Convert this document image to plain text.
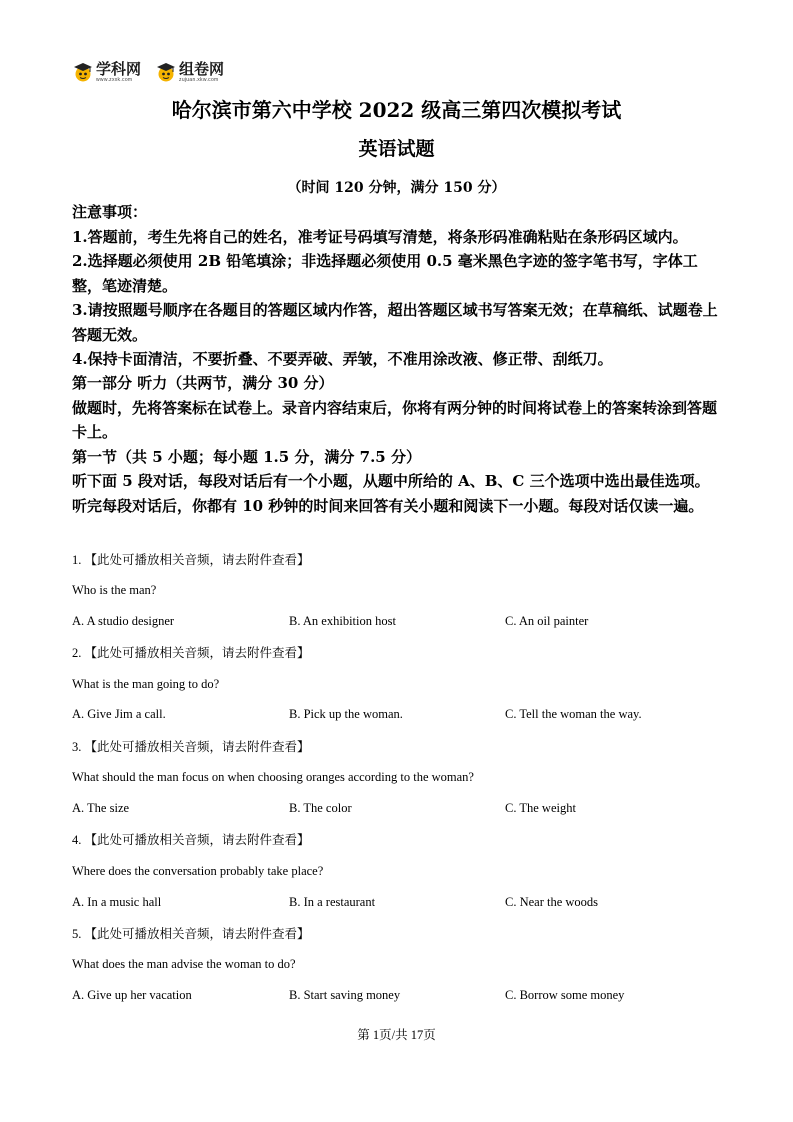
学科网
www.zxxk.com
组卷网
zujuan.xkw.com
哈尔滨市第六中学校 2022 级高三第四次模拟考试
英语试题
（时间 120 分钟，满分 150 分）
注意事项：
1.答题前，考生先将自己的姓名，准考证号码填写清楚，将条形码准确粘贴在条形码区域内。
2.选择题必须使用 2B 铅笔填涂；非选择题必须使用 0.5 毫米黑色字迹的签字笔书写，字体工整，笔迹清楚。
3.请按照题号顺序在各题目的答题区域内作答，超出答题区域书写答案无效；在草稿纸、试题卷上答题无效。
4.保持卡面清洁，不要折叠、不要弄破、弄皱，不准用涂改液、修正带、刮纸刀。
第一部分 听力（共两节，满分 30 分）
做题时，先将答案标在试卷上。录音内容结束后，你将有两分钟的时间将试卷上的答案转涂到答题卡上。
第一节（共 5 小题；每小题 1.5 分，满分 7.5 分）
听下面 5 段对话，每段对话后有一个小题，从题中所给的 A、B、C 三个选项中选出最佳选项。听完每段对话后，你都有 10 秒钟的时间来回答有关小题和阅读下一小题。每段对话仅读一遍。
1. 【此处可播放相关音频，请去附件查看】
Who is the man?
A. A studio designer	B. An exhibition host	C. An oil painter
2. 【此处可播放相关音频，请去附件查看】
What is the man going to do?
A. Give Jim a call.	B. Pick up the woman.	C. Tell the woman the way.
3. 【此处可播放相关音频，请去附件查看】
What should the man focus on when choosing oranges according to the woman?
A. The size	B. The color	C. The weight
4. 【此处可播放相关音频，请去附件查看】
Where does the conversation probably take place?
A. In a music hall	B. In a restaurant	C. Near the woods
5. 【此处可播放相关音频，请去附件查看】
What does the man advise the woman to do?
A. Give up her vacation	B. Start saving money	C. Borrow some money
第 1页/共 17页
